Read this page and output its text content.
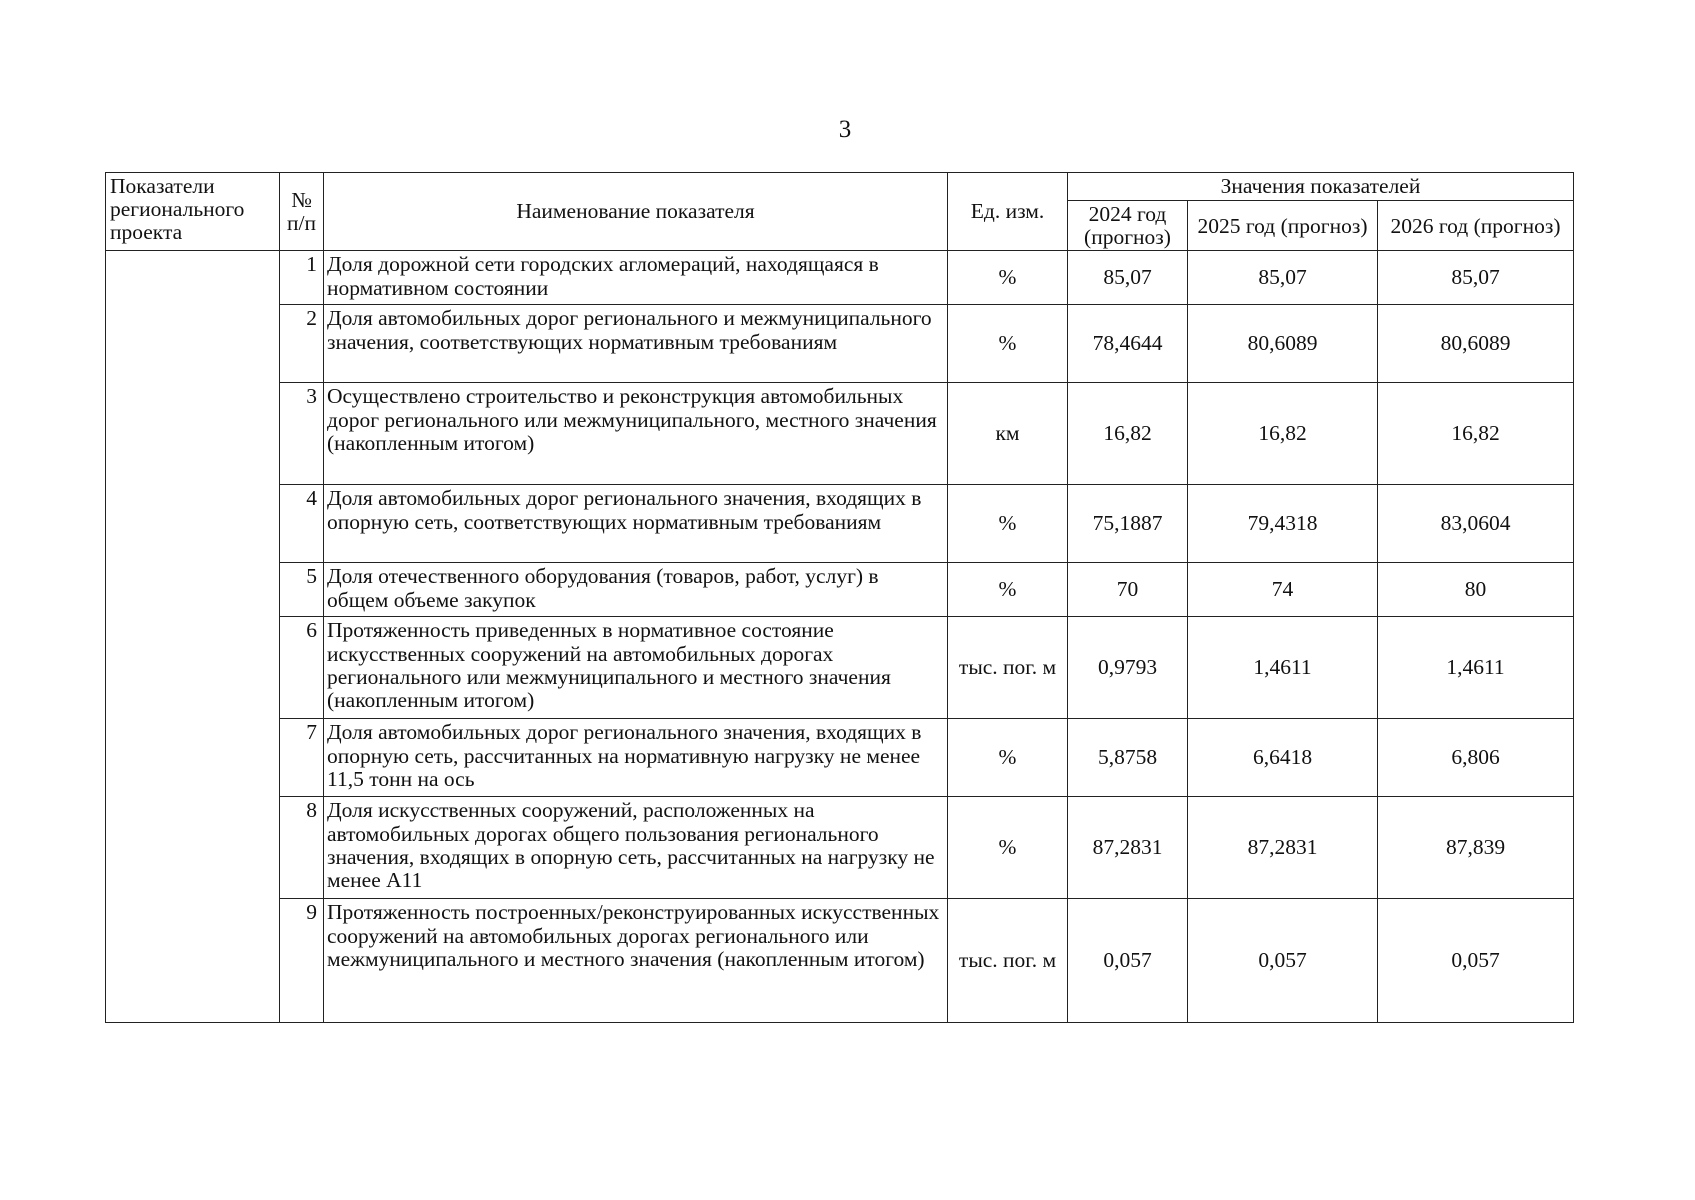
3
Показатели регионального проекта	№ п/п	Наименование показателя	Ед. изм.	Значения показателей		
				2024 год (прогноз)	2025 год (прогноз)	2026 год (прогноз)
	1	Доля дорожной сети городских агломераций, находящаяся в нормативном состоянии	%	85,07	85,07	85,07
	2	Доля автомобильных дорог регионального и межмуниципального значения, соответствующих нормативным требованиям	%	78,4644	80,6089	80,6089
	3	Осуществлено строительство и реконструкция автомобильных дорог регионального или межмуниципального, местного значения (накопленным итогом)	км	16,82	16,82	16,82
	4	Доля автомобильных дорог регионального значения, входящих в опорную сеть, соответствующих нормативным требованиям	%	75,1887	79,4318	83,0604
	5	Доля отечественного оборудования (товаров, работ, услуг) в общем объеме закупок	%	70	74	80
	6	Протяженность приведенных в нормативное состояние искусственных сооружений на автомобильных дорогах регионального или межмуниципального и местного значения (накопленным итогом)	тыс. пог. м	0,9793	1,4611	1,4611
	7	Доля автомобильных дорог регионального значения, входящих в опорную сеть, рассчитанных на нормативную нагрузку не менее 11,5 тонн на ось	%	5,8758	6,6418	6,806
	8	Доля искусственных сооружений, расположенных на автомобильных дорогах общего пользования регионального значения, входящих в опорную сеть, рассчитанных на нагрузку не менее А11	%	87,2831	87,2831	87,839
	9	Протяженность построенных/реконструированных искусственных сооружений на автомобильных дорогах регионального или межмуниципального и местного значения (накопленным итогом)	тыс. пог. м	0,057	0,057	0,057
